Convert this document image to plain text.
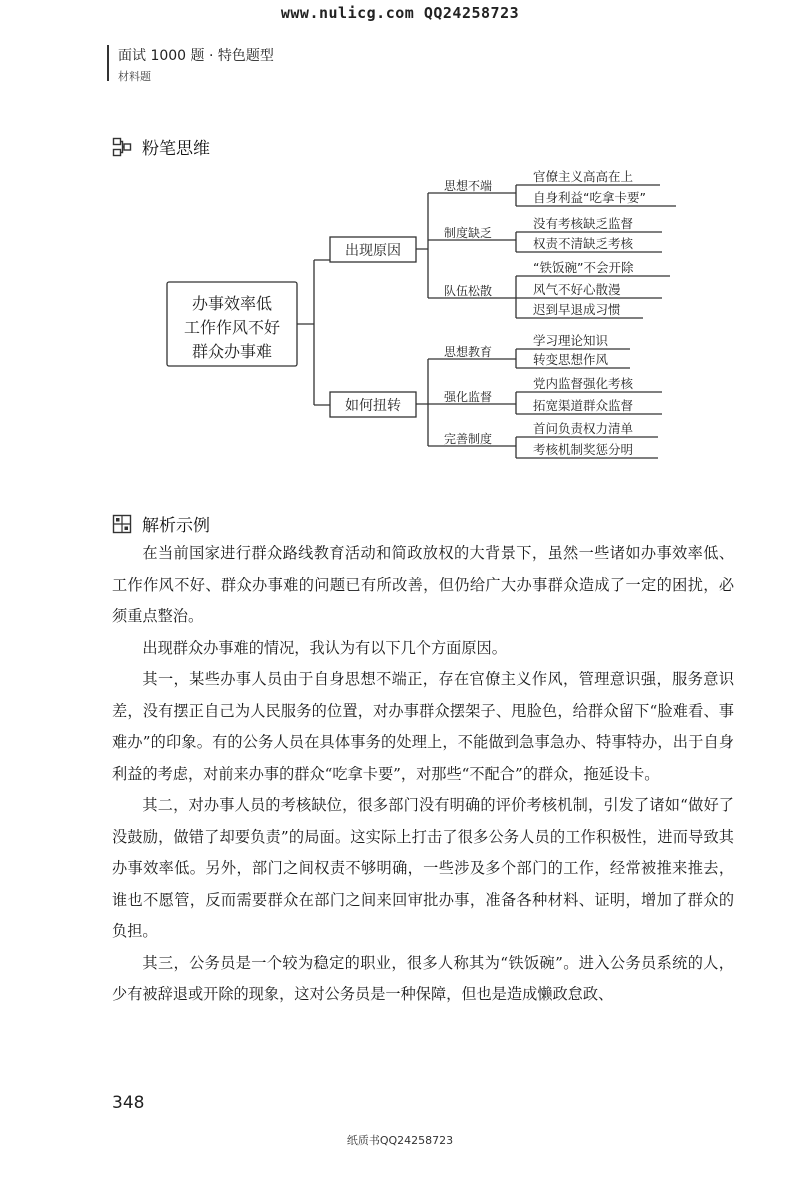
www.nulicg.com QQ24258723
面试 1000 题 · 特色题型
材料题
粉笔思维
办事效率低
工作作风不好
群众办事难
出现原因
如何扭转
思想不端
制度缺乏
队伍松散
思想教育
强化监督
完善制度
官僚主义高高在上
自身利益“吃拿卡要”
没有考核缺乏监督
权责不清缺乏考核
“铁饭碗”不会开除
风气不好心散漫
迟到早退成习惯
学习理论知识
转变思想作风
党内监督强化考核
拓宽渠道群众监督
首问负责权力清单
考核机制奖惩分明
解析示例

在当前国家进行群众路线教育活动和简政放权的大背景下，虽然一些诸如办事效率低、工作作风不好、群众办事难的问题已有所改善，但仍给广大办事群众造成了一定的困扰，必须重点整治。

出现群众办事难的情况，我认为有以下几个方面原因。

其一，某些办事人员由于自身思想不端正，存在官僚主义作风，管理意识强，服务意识差，没有摆正自己为人民服务的位置，对办事群众摆架子、甩脸色，给群众留下“脸难看、事难办”的印象。有的公务人员在具体事务的处理上，不能做到急事急办、特事特办，出于自身利益的考虑，对前来办事的群众“吃拿卡要”，对那些“不配合”的群众，拖延设卡。

其二，对办事人员的考核缺位，很多部门没有明确的评价考核机制，引发了诸如“做好了没鼓励，做错了却要负责”的局面。这实际上打击了很多公务人员的工作积极性，进而导致其办事效率低。另外，部门之间权责不够明确，一些涉及多个部门的工作，经常被推来推去，谁也不愿管，反而需要群众在部门之间来回审批办事，准备各种材料、证明，增加了群众的负担。

其三，公务员是一个较为稳定的职业，很多人称其为“铁饭碗”。进入公务员系统的人，少有被辞退或开除的现象，这对公务员是一种保障，但也是造成懒政怠政、

348
纸质书QQ24258723
